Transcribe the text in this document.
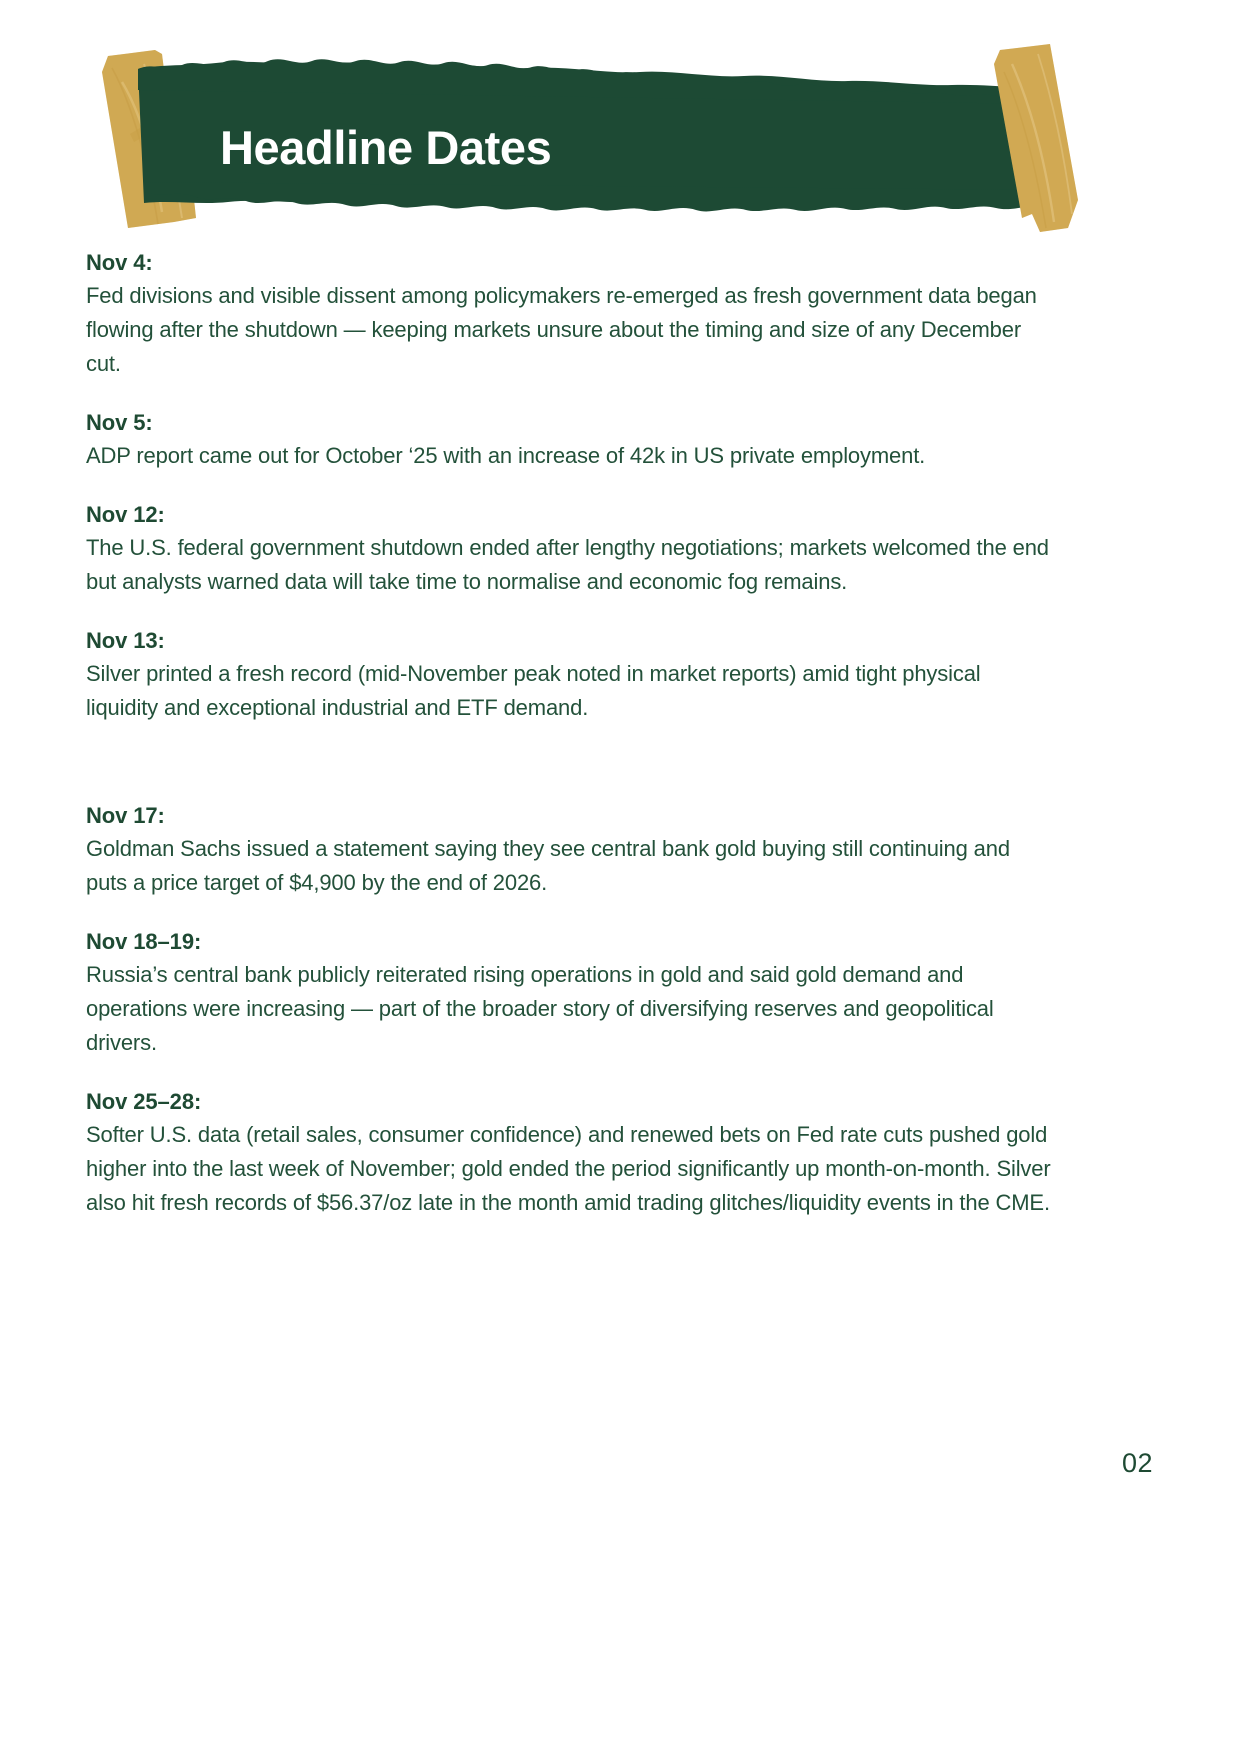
Headline Dates
Nov 4:

Fed divisions and visible dissent among policymakers re-emerged as fresh government data began flowing after the shutdown — keeping markets unsure about the timing and size of any December cut.

Nov 5:

ADP report came out for October ‘25 with an increase of 42k in US private employment.

Nov 12:

The U.S. federal government shutdown ended after lengthy negotiations; markets welcomed the end but analysts warned data will take time to normalise and economic fog remains.

Nov 13:

Silver printed a fresh record (mid-November peak noted in market reports) amid tight physical liquidity and exceptional industrial and ETF demand.

Nov 17:

Goldman Sachs issued a statement saying they see central bank gold buying still continuing and puts a price target of $4,900 by the end of 2026.

Nov 18–19:

Russia’s central bank publicly reiterated rising operations in gold and said gold demand and operations were increasing — part of the broader story of diversifying reserves and geopolitical drivers.

Nov 25–28:

Softer U.S. data (retail sales, consumer confidence) and renewed bets on Fed rate cuts pushed gold higher into the last week of November; gold ended the period significantly up month-on-month. Silver also hit fresh records of $56.37/oz late in the month amid trading glitches/liquidity events in the CME.

02
